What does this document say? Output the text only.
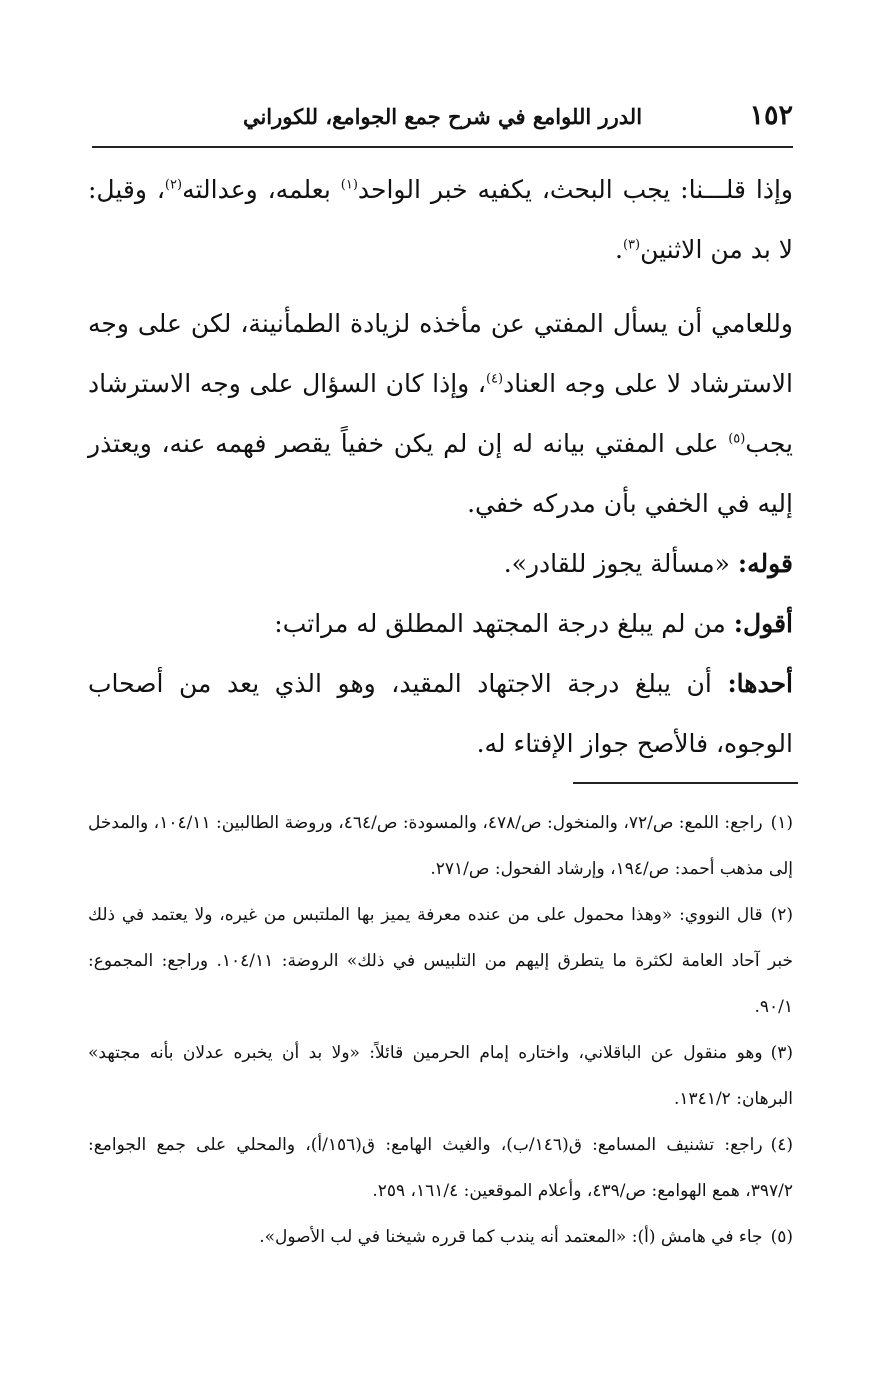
١٥٢
الدرر اللوامع في شرح جمع الجوامع، للكوراني

وإذا قلـــنا: يجب البحث، يكفيه خبر الواحد$^{(١)}$ بعلمه، وعدالته$^{(٢)}$، وقيل: لا بد من الاثنين$^{(٣)}$.

وللعامي أن يسأل المفتي عن مأخذه لزيادة الطمأنينة، لكن على وجه الاسترشاد لا على وجه العناد$^{(٤)}$، وإذا كان السؤال على وجه الاسترشاد يجب$^{(٥)}$ على المفتي بيانه له إن لم يكن خفياً يقصر فهمه عنه، ويعتذر إليه في الخفي بأن مدركه خفي.

قوله: «مسألة يجوز للقادر».

أقول: من لم يبلغ درجة المجتهد المطلق له مراتب:

أحدها: أن يبلغ درجة الاجتهاد المقيد، وهو الذي يعد من أصحاب الوجوه، فالأصح جواز الإفتاء له.

(١)راجع: اللمع: ص/٧٢، والمنخول: ص/٤٧٨، والمسودة: ص/٤٦٤، وروضة الطالبين: ١٠٤/١١، والمدخل إلى مذهب أحمد: ص/١٩٤، وإرشاد الفحول: ص/٢٧١.

(٢)قال النووي: «وهذا محمول على من عنده معرفة يميز بها الملتبس من غيره، ولا يعتمد في ذلك خبر آحاد العامة لكثرة ما يتطرق إليهم من التلبيس في ذلك» الروضة: ١٠٤/١١. وراجع: المجموع: ٩٠/١.

(٣)وهو منقول عن الباقلاني، واختاره إمام الحرمين قائلاً: «ولا بد أن يخبره عدلان بأنه مجتهد» البرهان: ١٣٤١/٢.

(٤)راجع: تشنيف المسامع: ق(١٤٦/ب)، والغيث الهامع: ق(١٥٦/أ)، والمحلي على جمع الجوامع: ٣٩٧/٢، همع الهوامع: ص/٤٣٩، وأعلام الموقعين: ١٦١/٤، ٢٥٩.

(٥)جاء في هامش (أ): «المعتمد أنه يندب كما قرره شيخنا في لب الأصول».
